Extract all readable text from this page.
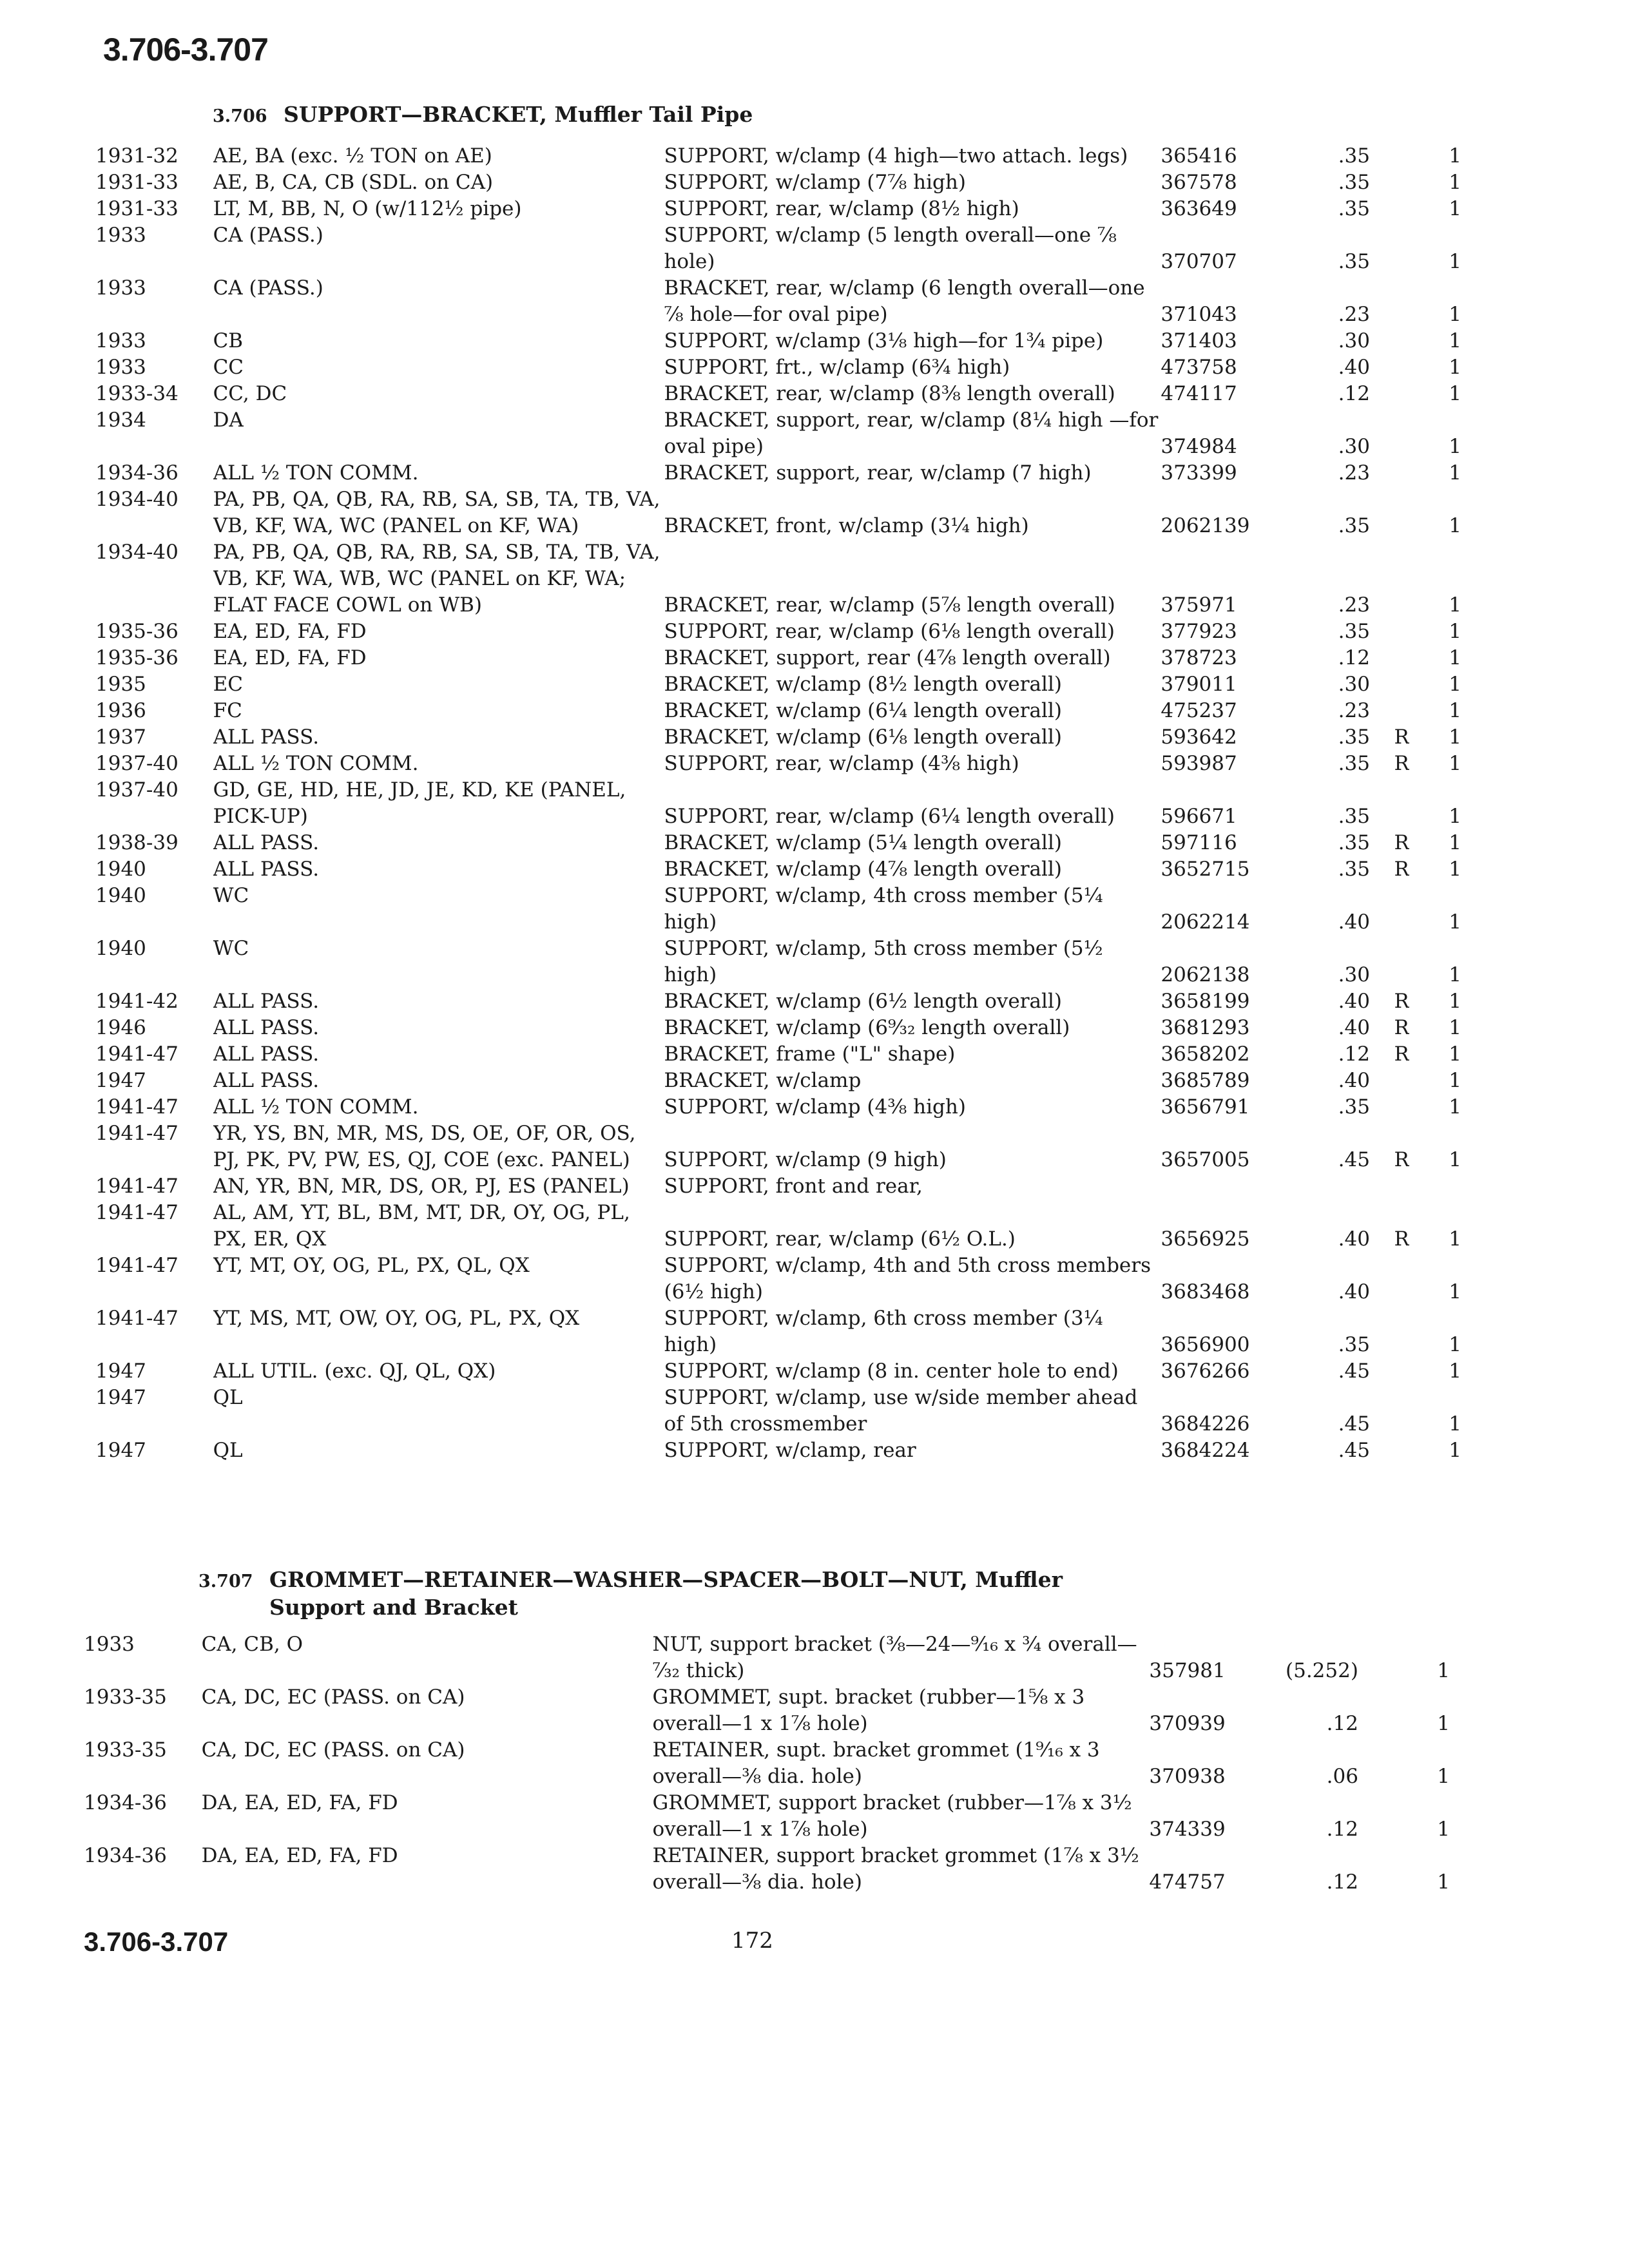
3.706-3.707
3.706 SUPPORT—BRACKET, Muffler Tail Pipe
1931-32	AE, BA (exc. ½ TON on AE)	SUPPORT, w/clamp (4 high—two attach. legs)	365416	.35		1
1931-33	AE, B, CA, CB (SDL. on CA)	SUPPORT, w/clamp (7⅞ high)	367578	.35		1
1931-33	LT, M, BB, N, O (w/112½ pipe)	SUPPORT, rear, w/clamp (8½ high)	363649	.35		1
1933	CA (PASS.)	SUPPORT, w/clamp (5 length overall—one ⅞ hole)	370707	.35		1
1933	CA (PASS.)	BRACKET, rear, w/clamp (6 length overall—one ⅞ hole—for oval pipe)	371043	.23		1
1933	CB	SUPPORT, w/clamp (3⅛ high—for 1¾ pipe)	371403	.30		1
1933	CC	SUPPORT, frt., w/clamp (6¾ high)	473758	.40		1
1933-34	CC, DC	BRACKET, rear, w/clamp (8⅜ length overall)	474117	.12		1
1934	DA	BRACKET, support, rear, w/clamp (8¼ high —for oval pipe)	374984	.30		1
1934-36	ALL ½ TON COMM.	BRACKET, support, rear, w/clamp (7 high)	373399	.23		1
1934-40	PA, PB, QA, QB, RA, RB, SA, SB, TA, TB, VA, VB, KF, WA, WC (PANEL on KF, WA)	BRACKET, front, w/clamp (3¼ high)	2062139	.35		1
1934-40	PA, PB, QA, QB, RA, RB, SA, SB, TA, TB, VA, VB, KF, WA, WB, WC (PANEL on KF, WA; FLAT FACE COWL on WB)	BRACKET, rear, w/clamp (5⅞ length overall)	375971	.23		1
1935-36	EA, ED, FA, FD	SUPPORT, rear, w/clamp (6⅛ length overall)	377923	.35		1
1935-36	EA, ED, FA, FD	BRACKET, support, rear (4⅞ length overall)	378723	.12		1
1935	EC	BRACKET, w/clamp (8½ length overall)	379011	.30		1
1936	FC	BRACKET, w/clamp (6¼ length overall)	475237	.23		1
1937	ALL PASS.	BRACKET, w/clamp (6⅛ length overall)	593642	.35	R	1
1937-40	ALL ½ TON COMM.	SUPPORT, rear, w/clamp (4⅜ high)	593987	.35	R	1
1937-40	GD, GE, HD, HE, JD, JE, KD, KE (PANEL, PICK-UP)	SUPPORT, rear, w/clamp (6¼ length overall)	596671	.35		1
1938-39	ALL PASS.	BRACKET, w/clamp (5¼ length overall)	597116	.35	R	1
1940	ALL PASS.	BRACKET, w/clamp (4⅞ length overall)	3652715	.35	R	1
1940	WC	SUPPORT, w/clamp, 4th cross member (5¼ high)	2062214	.40		1
1940	WC	SUPPORT, w/clamp, 5th cross member (5½ high)	2062138	.30		1
1941-42	ALL PASS.	BRACKET, w/clamp (6½ length overall)	3658199	.40	R	1
1946	ALL PASS.	BRACKET, w/clamp (6⁹⁄₃₂ length overall)	3681293	.40	R	1
1941-47	ALL PASS.	BRACKET, frame ("L" shape)	3658202	.12	R	1
1947	ALL PASS.	BRACKET, w/clamp	3685789	.40		1
1941-47	ALL ½ TON COMM.	SUPPORT, w/clamp (4⅜ high)	3656791	.35		1
1941-47	YR, YS, BN, MR, MS, DS, OE, OF, OR, OS, PJ, PK, PV, PW, ES, QJ, COE (exc. PANEL)	SUPPORT, w/clamp (9 high)	3657005	.45	R	1
1941-47	AN, YR, BN, MR, DS, OR, PJ, ES (PANEL)	SUPPORT, front and rear,				
1941-47	AL, AM, YT, BL, BM, MT, DR, OY, OG, PL, PX, ER, QX	SUPPORT, rear, w/clamp (6½ O.L.)	3656925	.40	R	1
1941-47	YT, MT, OY, OG, PL, PX, QL, QX	SUPPORT, w/clamp, 4th and 5th cross members (6½ high)	3683468	.40		1
1941-47	YT, MS, MT, OW, OY, OG, PL, PX, QX	SUPPORT, w/clamp, 6th cross member (3¼ high)	3656900	.35		1
1947	ALL UTIL. (exc. QJ, QL, QX)	SUPPORT, w/clamp (8 in. center hole to end)	3676266	.45		1
1947	QL	SUPPORT, w/clamp, use w/side member ahead of 5th crossmember	3684226	.45		1
1947	QL	SUPPORT, w/clamp, rear	3684224	.45		1
3.707 GROMMET—RETAINER—WASHER—SPACER—BOLT—NUT, Muffler
Support and Bracket
1933	CA, CB, O	NUT, support bracket (⅜—24—⁹⁄₁₆ x ¾ overall—⁷⁄₃₂ thick)	357981	(5.252)		1
1933-35	CA, DC, EC (PASS. on CA)	GROMMET, supt. bracket (rubber—1⅝ x 3 overall—1 x 1⅞ hole)	370939	.12		1
1933-35	CA, DC, EC (PASS. on CA)	RETAINER, supt. bracket grommet (1⁹⁄₁₆ x 3 overall—⅜ dia. hole)	370938	.06		1
1934-36	DA, EA, ED, FA, FD	GROMMET, support bracket (rubber—1⅞ x 3½ overall—1 x 1⅞ hole)	374339	.12		1
1934-36	DA, EA, ED, FA, FD	RETAINER, support bracket grommet (1⅞ x 3½ overall—⅜ dia. hole)	474757	.12		1
3.706-3.707	172
